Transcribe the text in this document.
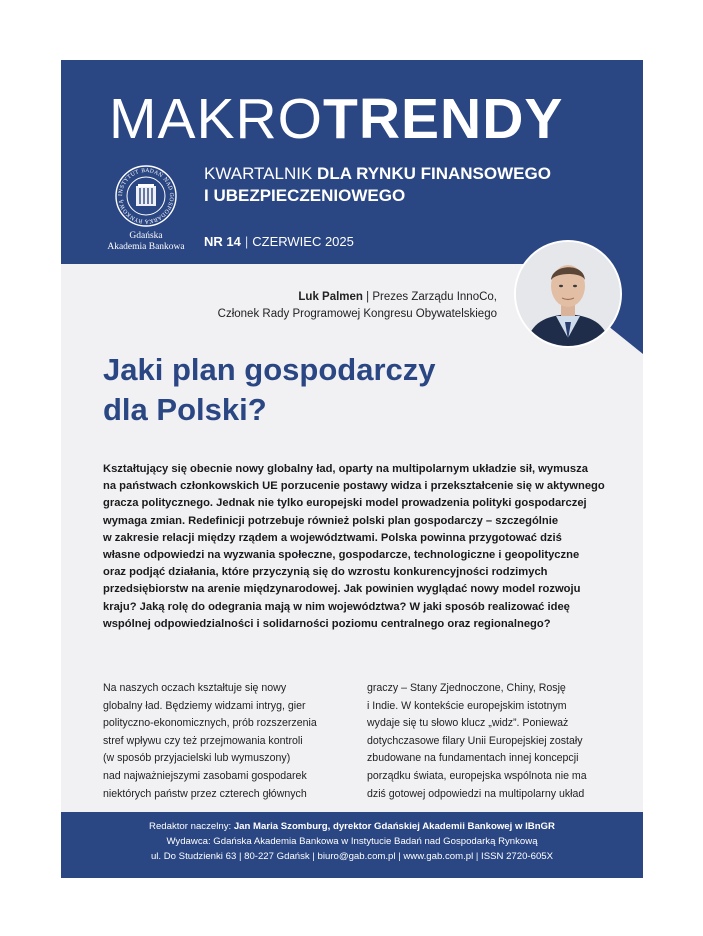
MAKROTRENDY
INSTYTUT BADAŃ NAD GOSPODARKĄ RYNKOWĄ
Gdańska
Akademia Bankowa
KWARTALNIK DLA RYNKU FINANSOWEGO
I UBEZPIECZENIOWEGO
NR 14 | CZERWIEC 2025
Luk Palmen | Prezes Zarządu InnoCo,
Członek Rady Programowej Kongresu Obywatelskiego
Jaki plan gospodarczy
dla Polski?
Kształtujący się obecnie nowy globalny ład, oparty na multipolarnym układzie sił, wymusza
na państwach członkowskich UE porzucenie postawy widza i przekształcenie się w aktywnego
gracza politycznego. Jednak nie tylko europejski model prowadzenia polityki gospodarczej
wymaga zmian. Redefinicji potrzebuje również polski plan gospodarczy – szczególnie
w zakresie relacji między rządem a województwami. Polska powinna przygotować dziś
własne odpowiedzi na wyzwania społeczne, gospodarcze, technologiczne i geopolityczne
oraz podjąć działania, które przyczynią się do wzrostu konkurencyjności rodzimych
przedsiębiorstw na arenie międzynarodowej. Jak powinien wyglądać nowy model rozwoju
kraju? Jaką rolę do odegrania mają w nim województwa? W jaki sposób realizować ideę
wspólnej odpowiedzialności i solidarności poziomu centralnego oraz regionalnego?
Na naszych oczach kształtuje się nowy
globalny ład. Będziemy widzami intryg, gier
polityczno-ekonomicznych, prób rozszerzenia
stref wpływu czy też przejmowania kontroli
(w sposób przyjacielski lub wymuszony)
nad najważniejszymi zasobami gospodarek
niektórych państw przez czterech głównych
graczy – Stany Zjednoczone, Chiny, Rosję
i Indie. W kontekście europejskim istotnym
wydaje się tu słowo klucz „widz”. Ponieważ
dotychczasowe filary Unii Europejskiej zostały
zbudowane na fundamentach innej koncepcji
porządku świata, europejska wspólnota nie ma
dziś gotowej odpowiedzi na multipolarny układ
Redaktor naczelny: Jan Maria Szomburg, dyrektor Gdańskiej Akademii Bankowej w IBnGR
Wydawca: Gdańska Akademia Bankowa w Instytucie Badań nad Gospodarką Rynkową
ul. Do Studzienki 63 | 80-227 Gdańsk | biuro@gab.com.pl | www.gab.com.pl | ISSN 2720-605X
